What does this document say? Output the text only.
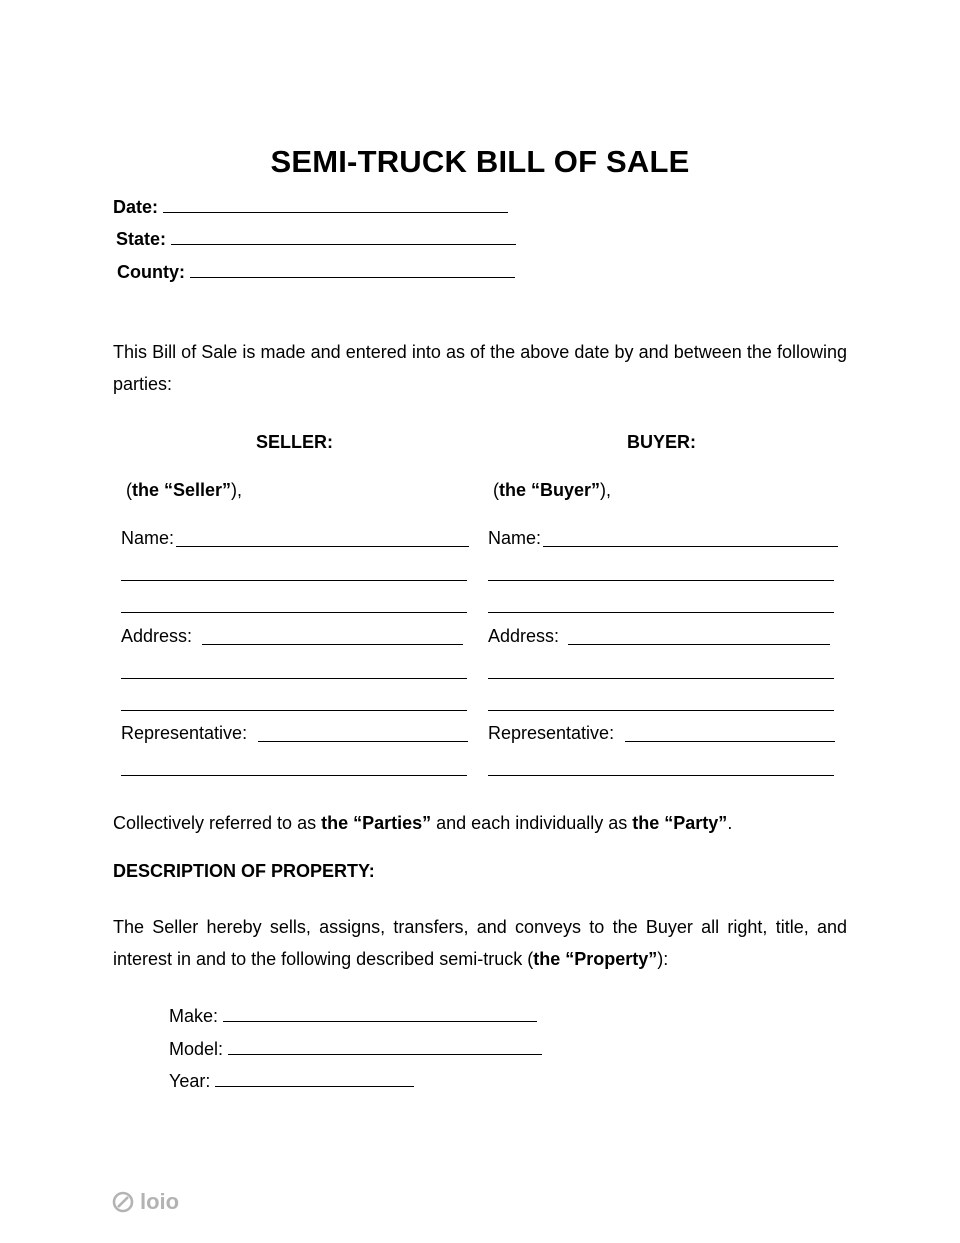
SEMI-TRUCK BILL OF SALE
Date:
State:
County:
This Bill of Sale is made and entered into as of the above date by and between the following parties:
SELLER:	BUYER:
(the “Seller”),	(the “Buyer”),
Name:
Address:
Representative:
Name:
Address:
Representative:
Collectively referred to as the “Parties” and each individually as the “Party”.
DESCRIPTION OF PROPERTY:
The Seller hereby sells, assigns, transfers, and conveys to the Buyer all right, title, and interest in and to the following described semi-truck (the “Property”):
Make:
Model:
Year:
loio
